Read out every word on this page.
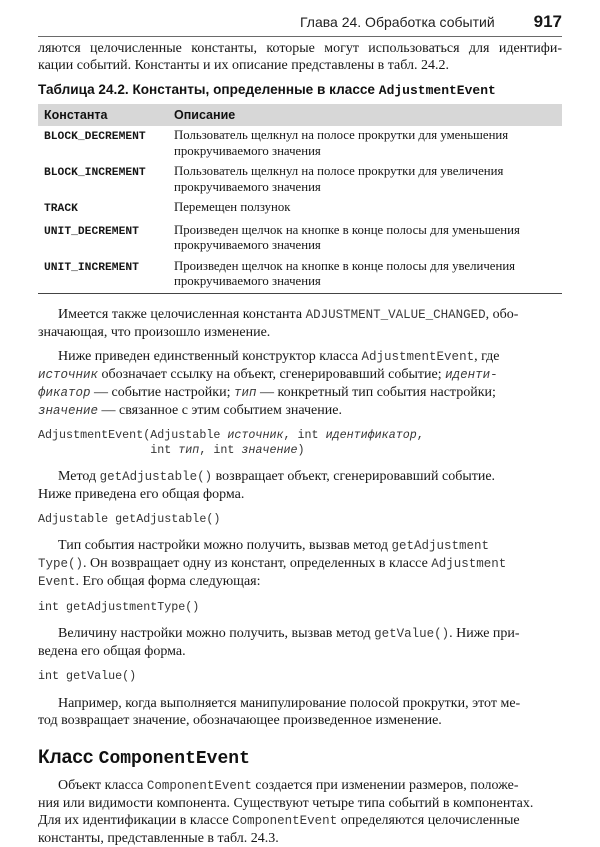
Глава 24. Обработка событий 917

ляются целочисленные константы, которые могут использоваться для идентифи-
кации событий. Константы и их описание представлены в табл. 24.2.

Таблица 24.2. Константы, определенные в классе AdjustmentEvent
Константа	Описание
BLOCK_DECREMENT	Пользователь щелкнул на полосе прокрутки для уменьшения
прокручиваемого значения
BLOCK_INCREMENT	Пользователь щелкнул на полосе прокрутки для увеличения
прокручиваемого значения
TRACK	Перемещен ползунок
UNIT_DECREMENT	Произведен щелчок на кнопке в конце полосы для уменьшения
прокручиваемого значения
UNIT_INCREMENT	Произведен щелчок на кнопке в конце полосы для увеличения
прокручиваемого значения

Имеется также целочисленная константа ADJUSTMENT_VALUE_CHANGED, обо-
значающая, что произошло изменение.

Ниже приведен единственный конструктор класса AdjustmentEvent, где
источник обозначает ссылку на объект, сгенерировавший событие; иденти-
фикатор — событие настройки; тип — конкретный тип события настройки;
значение — связанное с этим событием значение.

AdjustmentEvent(Adjustable источник, int идентификатор,
int тип, int значение)

Метод getAdjustable() возвращает объект, сгенерировавший событие.
Ниже приведена его общая форма.

Adjustable getAdjustable()

Тип события настройки можно получить, вызвав метод getAdjustment
Type(). Он возвращает одну из констант, определенных в классе Adjustment
Event. Его общая форма следующая:

int getAdjustmentType()

Величину настройки можно получить, вызвав метод getValue(). Ниже при-
ведена его общая форма.

int getValue()

Например, когда выполняется манипулирование полосой прокрутки, этот ме-
тод возвращает значение, обозначающее произведенное изменение.

Класс ComponentEvent

Объект класса ComponentEvent создается при изменении размеров, положе-
ния или видимости компонента. Существуют четыре типа событий в компонентах.
Для их идентификации в классе ComponentEvent определяются целочисленные
константы, представленные в табл. 24.3.
